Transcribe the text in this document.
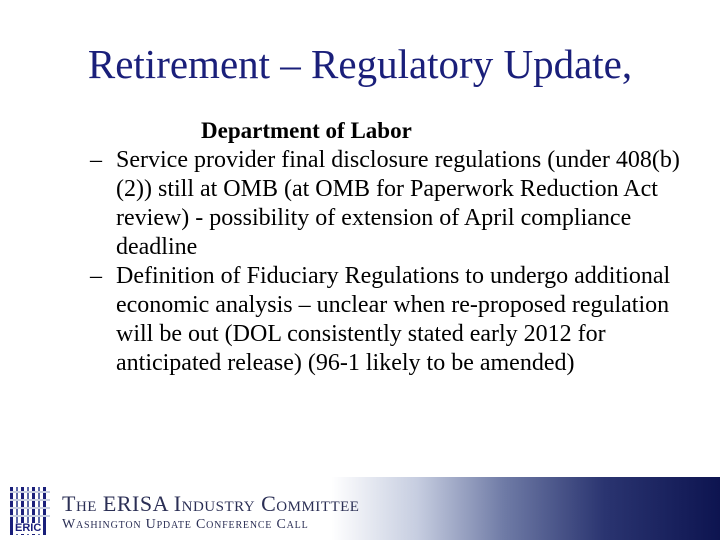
Retirement – Regulatory Update,
Department of Labor
– Service provider final disclosure regulations (under 408(b)(2)) still at OMB (at OMB for Paperwork Reduction Act review) - possibility of extension of April compliance deadline
– Definition of Fiduciary Regulations to undergo additional economic analysis – unclear when re-proposed regulation will be out (DOL consistently stated early 2012 for anticipated release) (96-1 likely to be amended)
ERIC
The ERISA Industry Committee
Washington Update Conference Call
